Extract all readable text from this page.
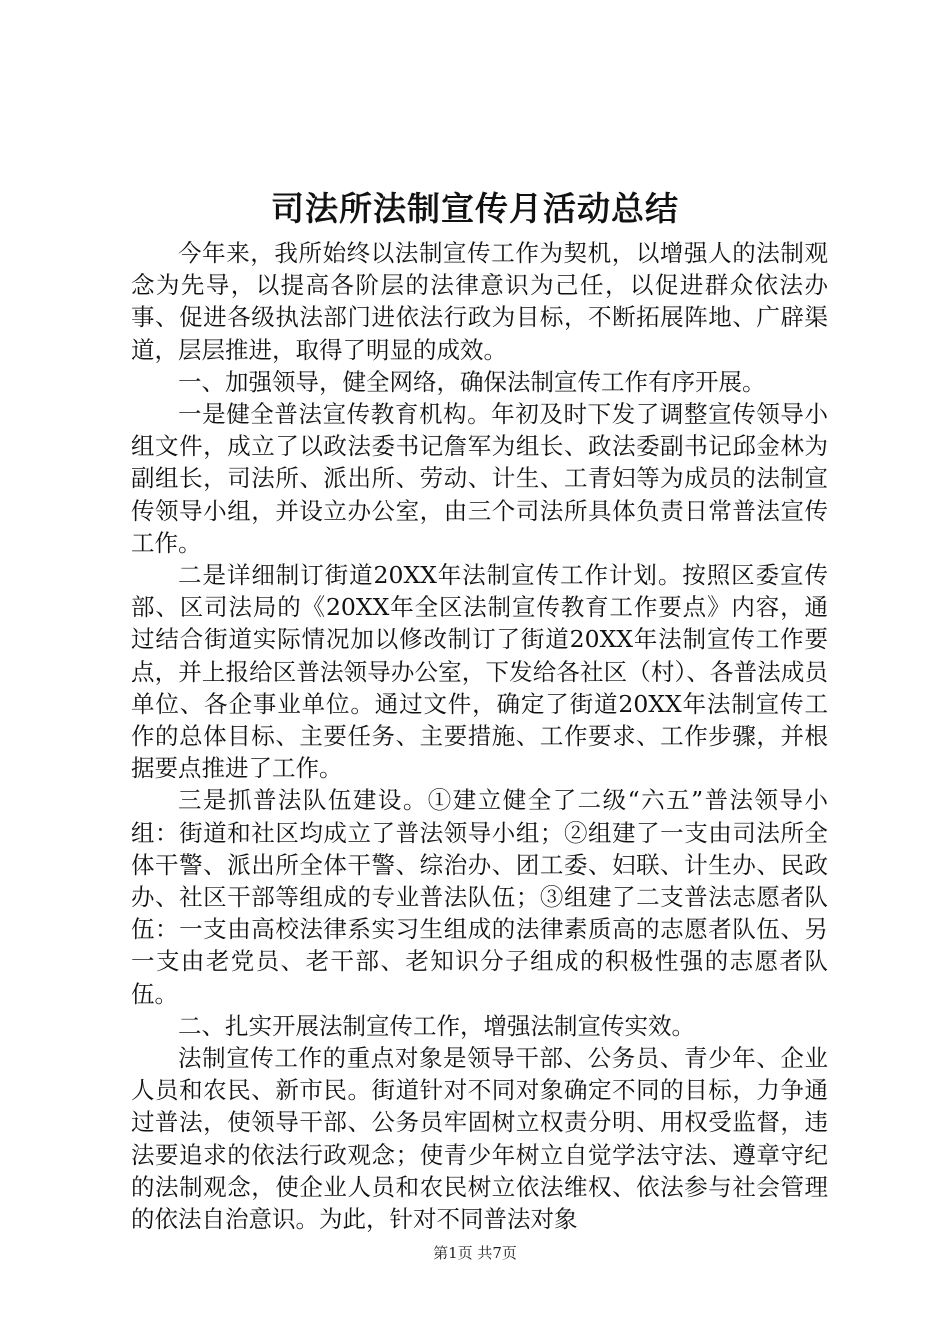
司法所法制宣传月活动总结

今年来，我所始终以法制宣传工作为契机，以增强人的法制观念为先导，以提高各阶层的法律意识为己任，以促进群众依法办事、促进各级执法部门进依法行政为目标，不断拓展阵地、广辟渠道，层层推进，取得了明显的成效。

一、加强领导，健全网络，确保法制宣传工作有序开展。

一是健全普法宣传教育机构。年初及时下发了调整宣传领导小组文件，成立了以政法委书记詹军为组长、政法委副书记邱金林为副组长，司法所、派出所、劳动、计生、工青妇等为成员的法制宣传领导小组，并设立办公室，由三个司法所具体负责日常普法宣传工作。

二是详细制订街道20XX年法制宣传工作计划。按照区委宣传部、区司法局的《20XX年全区法制宣传教育工作要点》内容，通过结合街道实际情况加以修改制订了街道20XX年法制宣传工作要点，并上报给区普法领导办公室，下发给各社区（村）、各普法成员单位、各企事业单位。通过文件，确定了街道20XX年法制宣传工作的总体目标、主要任务、主要措施、工作要求、工作步骤，并根据要点推进了工作。

三是抓普法队伍建设。①建立健全了二级“六五”普法领导小组：街道和社区均成立了普法领导小组；②组建了一支由司法所全体干警、派出所全体干警、综治办、团工委、妇联、计生办、民政办、社区干部等组成的专业普法队伍；③组建了二支普法志愿者队伍：一支由高校法律系实习生组成的法律素质高的志愿者队伍、另一支由老党员、老干部、老知识分子组成的积极性强的志愿者队伍。

二、扎实开展法制宣传工作，增强法制宣传实效。

法制宣传工作的重点对象是领导干部、公务员、青少年、企业人员和农民、新市民。街道针对不同对象确定不同的目标，力争通过普法，使领导干部、公务员牢固树立权责分明、用权受监督，违法要追求的依法行政观念；使青少年树立自觉学法守法、遵章守纪的法制观念，使企业人员和农民树立依法维权、依法参与社会管理的依法自治意识。为此，针对不同普法对象

第1页 共7页
